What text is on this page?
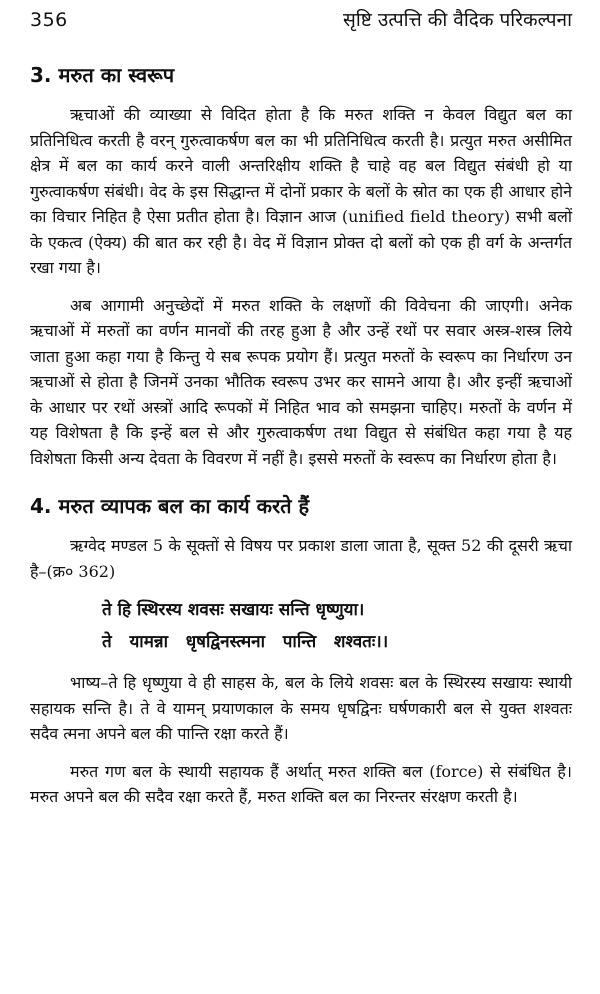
356	सृष्टि उत्पत्ति की वैदिक परिकल्पना
3. मरुत का स्वरूप

ऋचाओं की व्याख्या से विदित होता है कि मरुत शक्ति न केवल विद्युत बल का प्रतिनिधित्व करती है वरन् गुरुत्वाकर्षण बल का भी प्रतिनिधित्व करती है। प्रत्युत मरुत असीमित क्षेत्र में बल का कार्य करने वाली अन्तरिक्षीय शक्ति है चाहे वह बल विद्युत संबंधी हो या गुरुत्वाकर्षण संबंधी। वेद के इस सिद्धान्त में दोनों प्रकार के बलों के स्रोत का एक ही आधार होने का विचार निहित है ऐसा प्रतीत होता है। विज्ञान आज (unified field theory) सभी बलों के एकत्व (ऐक्य) की बात कर रही है। वेद में विज्ञान प्रोक्त दो बलों को एक ही वर्ग के अन्तर्गत रखा गया है।

अब आगामी अनुच्छेदों में मरुत शक्ति के लक्षणों की विवेचना की जाएगी। अनेक ऋचाओं में मरुतों का वर्णन मानवों की तरह हुआ है और उन्हें रथों पर सवार अस्त्र-शस्त्र लिये जाता हुआ कहा गया है किन्तु ये सब रूपक प्रयोग हैं। प्रत्युत मरुतों के स्वरूप का निर्धारण उन ऋचाओं से होता है जिनमें उनका भौतिक स्वरूप उभर कर सामने आया है। और इन्हीं ऋचाओं के आधार पर रथों अस्त्रों आदि रूपकों में निहित भाव को समझना चाहिए। मरुतों के वर्णन में यह विशेषता है कि इन्हें बल से और गुरुत्वाकर्षण तथा विद्युत से संबंधित कहा गया है यह विशेषता किसी अन्य देवता के विवरण में नहीं है। इससे मरुतों के स्वरूप का निर्धारण होता है।

4. मरुत व्यापक बल का कार्य करते हैं

ऋग्वेद मण्डल 5 के सूक्तों से विषय पर प्रकाश डाला जाता है, सूक्त 52 की दूसरी ऋचा है–(क्र० 362)

ते हि स्थिरस्य शवसः सखायः सन्ति धृष्णुया।
ते   यामन्ना   धृषद्विनस्त्मना   पान्ति   शश्वतः।।

भाष्य–ते हि धृष्णुया वे ही साहस के, बल के लिये शवसः बल के स्थिरस्य सखायः स्थायी सहायक सन्ति है। ते वे यामन् प्रयाणकाल के समय धृषद्विनः घर्षणकारी बल से युक्त शश्वतः सदैव त्मना अपने बल की पान्ति रक्षा करते हैं।

मरुत गण बल के स्थायी सहायक हैं अर्थात् मरुत शक्ति बल (force) से संबंधित है। मरुत अपने बल की सदैव रक्षा करते हैं, मरुत शक्ति बल का निरन्तर संरक्षण करती है।
